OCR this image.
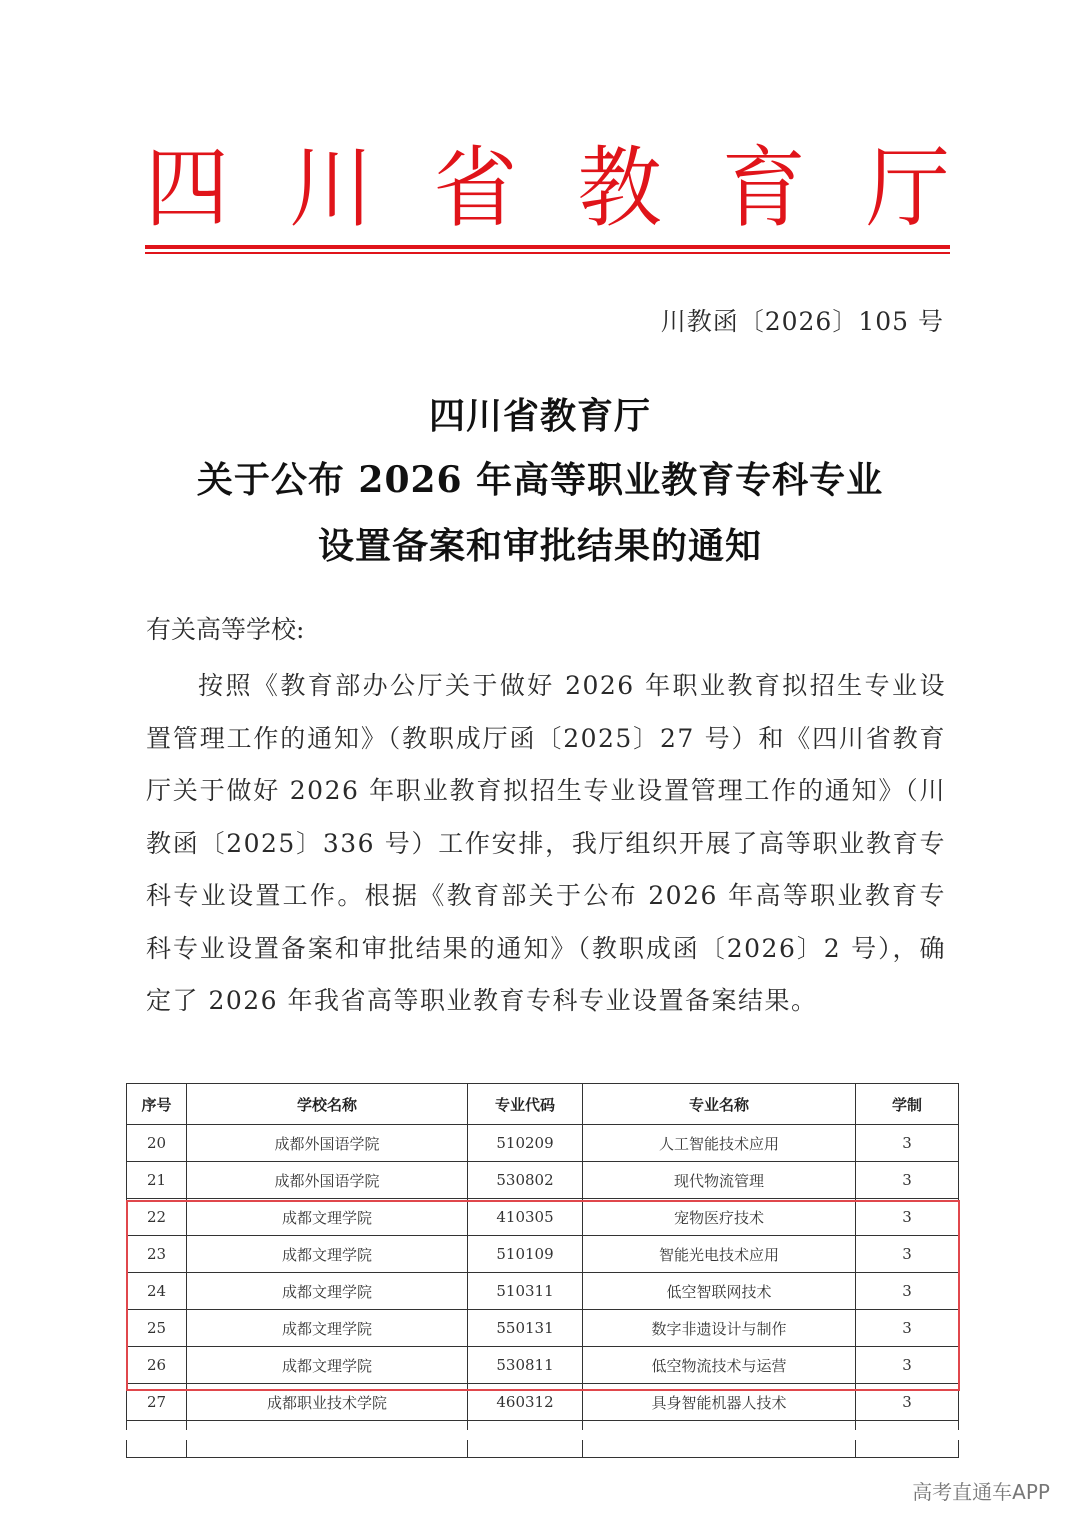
四 川 省 教 育 厅
川教函〔2026〕105 号
四川省教育厅
关于公布 2026 年高等职业教育专科专业
设置备案和审批结果的通知
有关高等学校:
按照《教育部办公厅关于做好 2026 年职业教育拟招生专业设置管理工作的通知》（教职成厅函〔2025〕27 号）和《四川省教育厅关于做好 2026 年职业教育拟招生专业设置管理工作的通知》（川教函〔2025〕336 号）工作安排，我厅组织开展了高等职业教育专科专业设置工作。根据《教育部关于公布 2026 年高等职业教育专科专业设置备案和审批结果的通知》（教职成函〔2026〕2 号），确定了 2026 年我省高等职业教育专科专业设置备案结果。
序号	学校名称	专业代码	专业名称	学制
20	成都外国语学院	510209	人工智能技术应用	3
21	成都外国语学院	530802	现代物流管理	3
22	成都文理学院	410305	宠物医疗技术	3
23	成都文理学院	510109	智能光电技术应用	3
24	成都文理学院	510311	低空智联网技术	3
25	成都文理学院	550131	数字非遗设计与制作	3
26	成都文理学院	530811	低空物流技术与运营	3
27	成都职业技术学院	460312	具身智能机器人技术	3

高考直通车APP
